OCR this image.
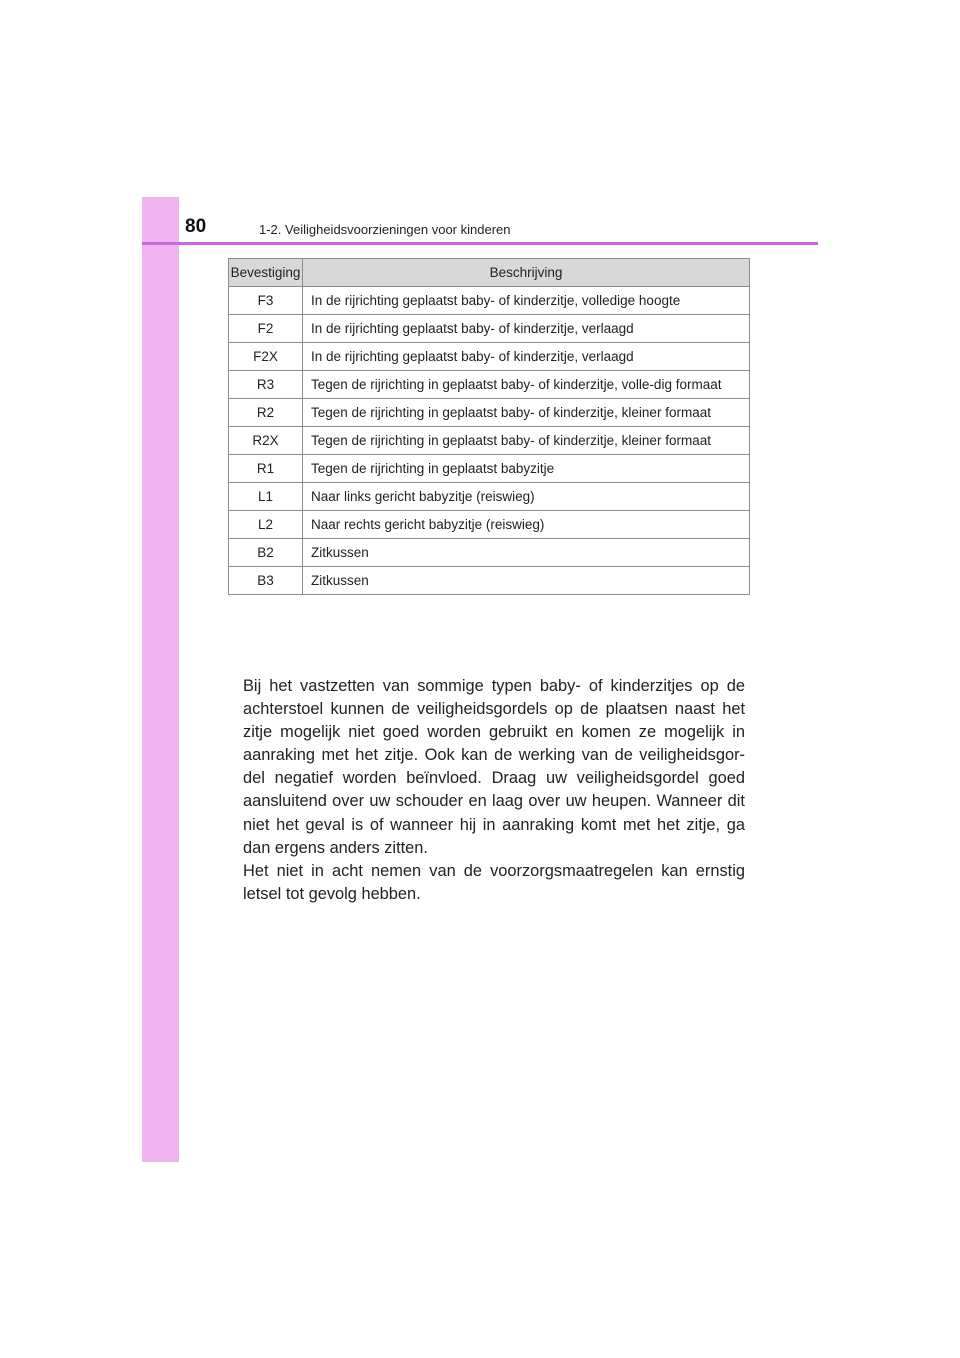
80	1-2. Veiligheidsvoorzieningen voor kinderen
Bevestiging	Beschrijving
F3	In de rijrichting geplaatst baby- of kinderzitje, volledige hoogte
F2	In de rijrichting geplaatst baby- of kinderzitje, verlaagd
F2X	In de rijrichting geplaatst baby- of kinderzitje, verlaagd
R3	Tegen de rijrichting in geplaatst baby- of kinderzitje, volle-dig formaat
R2	Tegen de rijrichting in geplaatst baby- of kinderzitje, kleiner formaat
R2X	Tegen de rijrichting in geplaatst baby- of kinderzitje, kleiner formaat
R1	Tegen de rijrichting in geplaatst babyzitje
L1	Naar links gericht babyzitje (reiswieg)
L2	Naar rechts gericht babyzitje (reiswieg)
B2	Zitkussen
B3	Zitkussen

Bij het vastzetten van sommige typen baby- of kinderzitjes op de achterstoel kunnen de veiligheidsgordels op de plaatsen naast het zitje mogelijk niet goed worden gebruikt en komen ze mogelijk in aanraking met het zitje. Ook kan de werking van de veiligheidsgor-del negatief worden beïnvloed. Draag uw veiligheidsgordel goed aansluitend over uw schouder en laag over uw heupen. Wanneer dit niet het geval is of wanneer hij in aanraking komt met het zitje, ga dan ergens anders zitten.

Het niet in acht nemen van de voorzorgsmaatregelen kan ernstig letsel tot gevolg hebben.
